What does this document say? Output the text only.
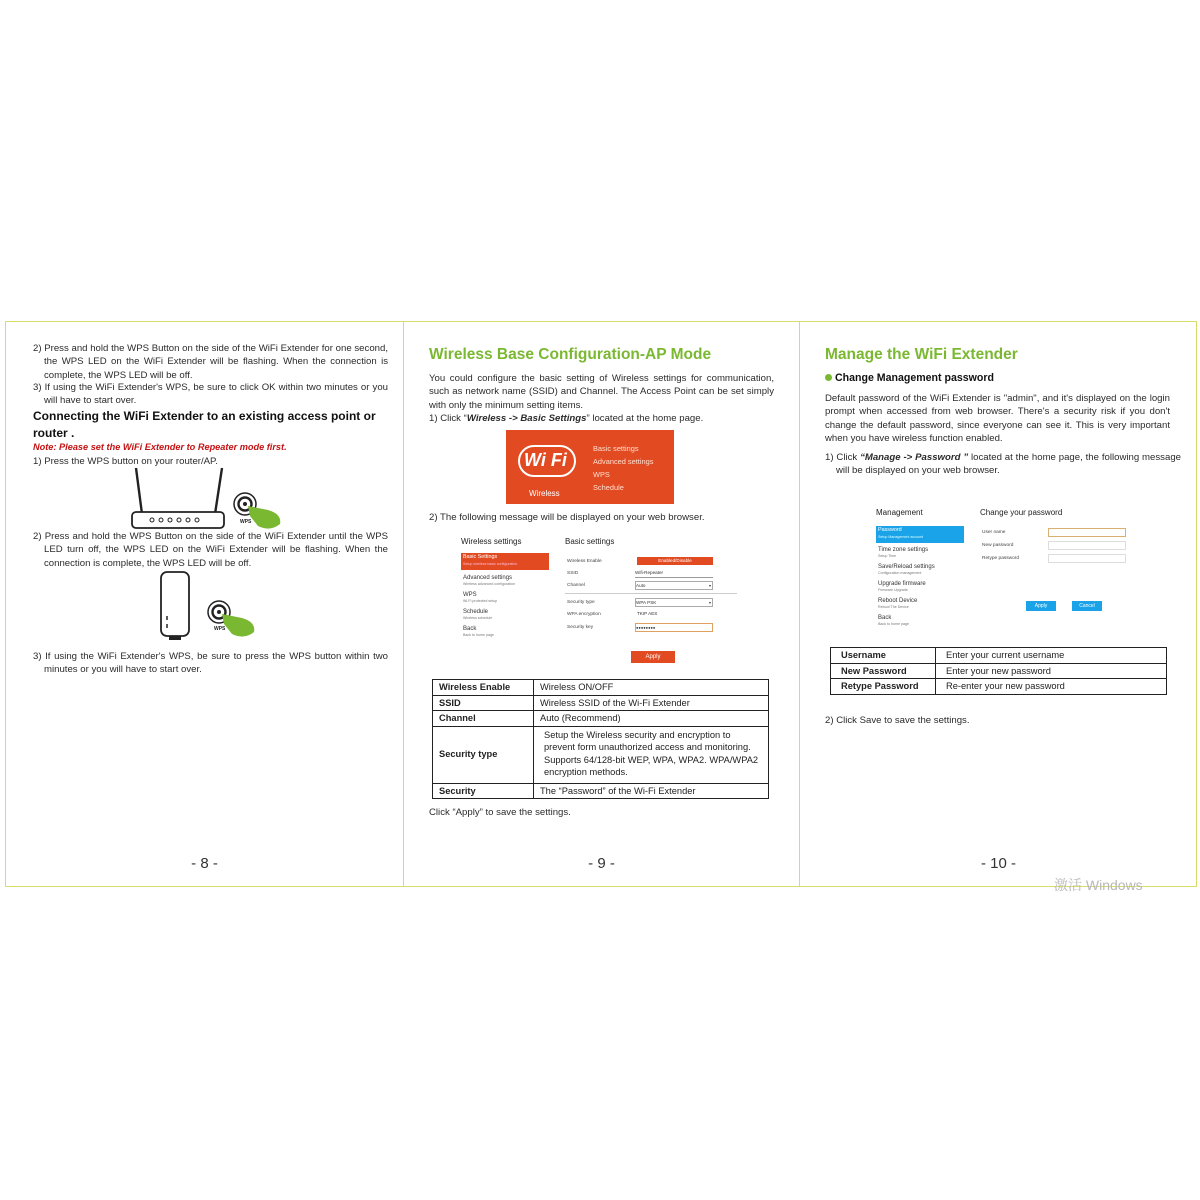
2) Press and hold the WPS Button on the side of the WiFi Extender for one second, the WPS LED on the WiFi Extender will be flashing. When the connection is complete, the WPS LED will be off.
3) If using the WiFi Extender's WPS, be sure to click OK within two minutes or you will have to start over.
Connecting the WiFi Extender to an existing access point or router .
Note: Please set the WiFi Extender to Repeater mode first.
1) Press the WPS button on your router/AP.
WPS
2) Press and hold the WPS Button on the side of the WiFi Extender until the WPS LED turn off, the WPS LED on the WiFi Extender will be flashing. When the connection is complete, the WPS LED will be off.
WPS
3) If using the WiFi Extender's WPS, be sure to press the WPS button within two minutes or you will have to start over.
- 8 -
Wireless Base Configuration-AP Mode
You could configure the basic setting of Wireless settings for communication, such as network name (SSID) and Channel. The Access Point can be set simply with only the minimum setting items.
1) Click “Wireless -> Basic Settings” located at the home page.
Wi Fi
Wireless
Basic settings
Advanced settings
WPS
Schedule
2) The following message will be displayed on your web browser.
Wireless settings	Basic settings
Basic Settings
Setup wireless basic configuration
Advanced settings
Wireless advanced configuration
WPS
Wi-Fi protected setup
Schedule
Wireless schedule
Back
Back to home page
Wireless Enable	Enabled/Disable
SSID	Wifi-Repeater
Channel	Auto	▾
Security type	WPA PSK	▾
WPA encryption	TKIP AES
Security key	●●●●●●●●
Apply
Wireless Enable	Wireless ON/OFF
SSID	Wireless SSID of the Wi-Fi Extender
Channel	Auto (Recommend)
Security type	Setup the Wireless security and encryption to prevent form unauthorized access and monitoring. Supports 64/128-bit WEP, WPA, WPA2. WPA/WPA2 encryption methods.
Security	The “Password” of the Wi-Fi Extender
Click “Apply” to save the settings.
- 9 -
Manage the WiFi Extender
Change Management password
Default password of the WiFi Extender is "admin", and it's displayed on the login prompt when accessed from web browser. There's a security risk if you don't change the default password, since everyone can see it. This is very important when you have wireless function enabled.
1) Click “Manage -> Password ” located at the home page, the following message will be displayed on your web browser.
Management	Change your password
Password
Setup Management account
Time zone settings
Setup Time
Save/Reload settings
Configuration management
Upgrade firmware
Firmware Upgrade
Reboot Device
Reboot The Device
Back
Back to home page
User name
New password
Retype password
Apply	Cancel
Username	Enter your current username
New Password	Enter your new password
Retype Password	Re-enter your new password
2) Click Save to save the settings.
- 10 -
激活 Windows
